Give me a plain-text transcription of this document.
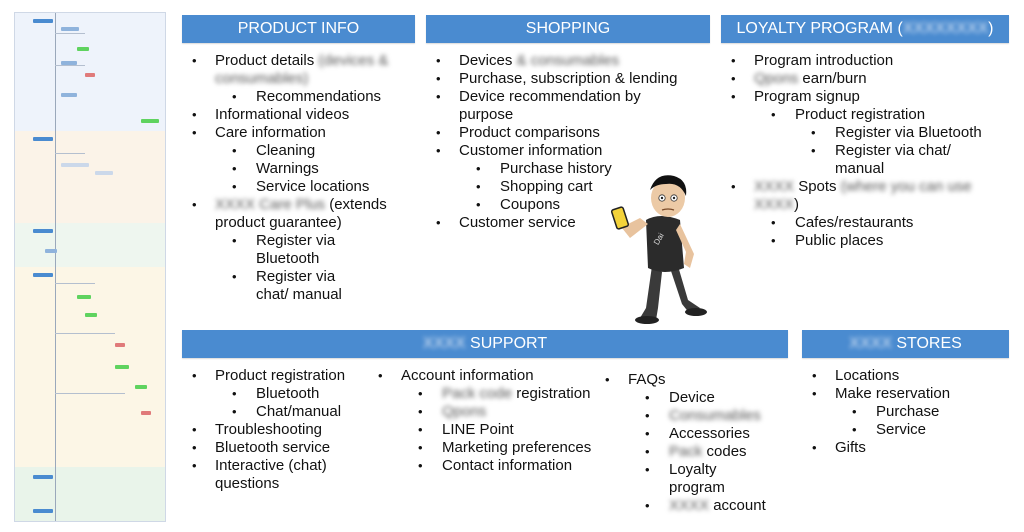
PRODUCT INFO	SHOPPING	LOYALTY PROGRAM (XXXXXXXX)
XXXX SUPPORT	XXXX STORES
• Product details (devices & consumables)
• Recommendations
• Informational videos
• Care information
• Cleaning
• Warnings
• Service locations
• XXXX Care Plus (extends product guarantee)
• Register via Bluetooth
• Register via chat/ manual
• Devices & consumables
• Purchase, subscription & lending
• Device recommendation by purpose
• Product comparisons
• Customer information
• Purchase history
• Shopping cart
• Coupons
• Customer service
• Program introduction
• Qpons earn/burn
• Program signup
• Product registration
• Register via Bluetooth
• Register via chat/ manual
• XXXX Spots (where you can use XXXX)
• Cafes/restaurants
• Public places
Dai
• Product registration
• Bluetooth
• Chat/manual
• Troubleshooting
• Bluetooth service
• Interactive (chat) questions
• Account information
• Pack code registration
• Qpons
• LINE Point
• Marketing preferences
• Contact information
• FAQs
• Device
• Consumables
• Accessories
• Pack codes
• Loyalty program
• XXXX account
• Locations
• Make reservation
• Purchase
• Service
• Gifts
